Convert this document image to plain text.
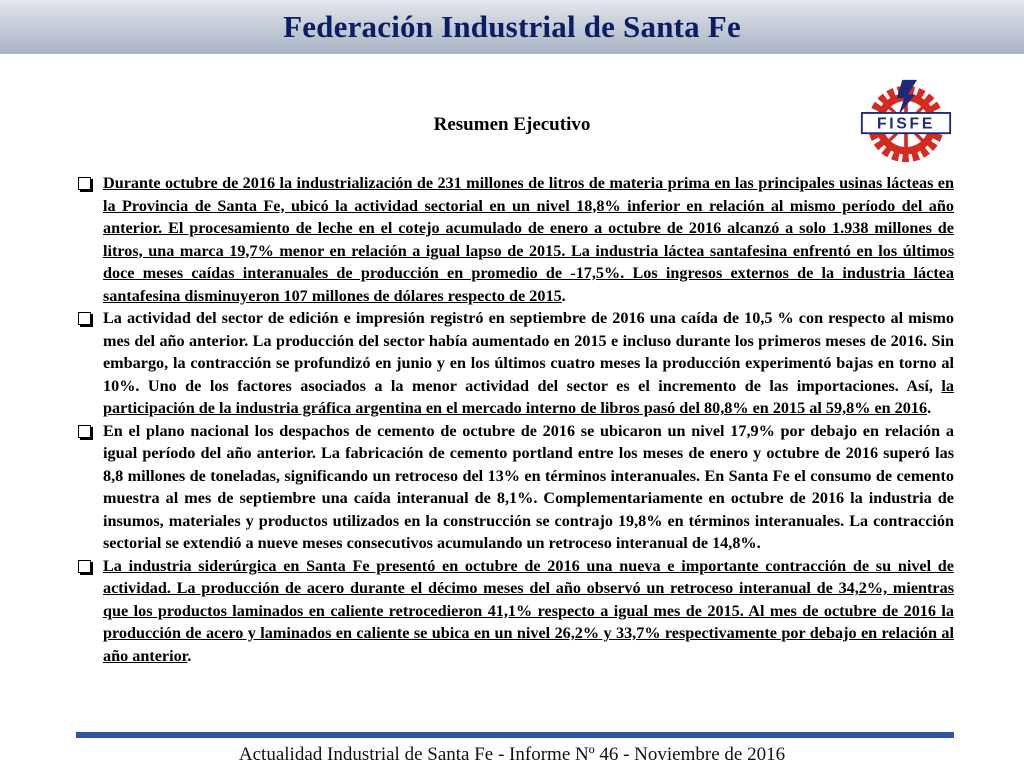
Federación Industrial de Santa Fe
FISFE
Resumen Ejecutivo
Durante octubre de 2016 la industrialización de 231 millones de litros de materia prima en las principales usinas lácteas en la Provincia de Santa Fe, ubicó la actividad sectorial en un nivel 18,8% inferior en relación al mismo período del año anterior. El procesamiento de leche en el cotejo acumulado de enero a octubre de 2016 alcanzó a solo 1.938 millones de litros, una marca 19,7% menor en relación a igual lapso de 2015. La industria láctea santafesina enfrentó en los últimos doce meses caídas interanuales de producción en promedio de -17,5%. Los ingresos externos de la industria láctea santafesina disminuyeron 107 millones de dólares respecto de 2015.
La actividad del sector de edición e impresión registró en septiembre de 2016 una caída de 10,5 % con respecto al mismo mes del año anterior. La producción del sector había aumentado en 2015 e incluso durante los primeros meses de 2016. Sin embargo, la contracción se profundizó en junio y en los últimos cuatro meses la producción experimentó bajas en torno al 10%. Uno de los factores asociados a la menor actividad del sector es el incremento de las importaciones. Así, la participación de la industria gráfica argentina en el mercado interno de libros pasó del 80,8% en 2015 al 59,8% en 2016.
En el plano nacional los despachos de cemento de octubre de 2016 se ubicaron un nivel 17,9% por debajo en relación a igual período del año anterior. La fabricación de cemento portland entre los meses de enero y octubre de 2016 superó las 8,8 millones de toneladas, significando un retroceso del 13% en términos interanuales. En Santa Fe el consumo de cemento muestra al mes de septiembre una caída interanual de 8,1%. Complementariamente en octubre de 2016 la industria de insumos, materiales y productos utilizados en la construcción se contrajo 19,8% en términos interanuales. La contracción sectorial se extendió a nueve meses consecutivos acumulando un retroceso interanual de 14,8%.
La industria siderúrgica en Santa Fe presentó en octubre de 2016 una nueva e importante contracción de su nivel de actividad. La producción de acero durante el décimo meses del año observó un retroceso interanual de 34,2%, mientras que los productos laminados en caliente retrocedieron 41,1% respecto a igual mes de 2015. Al mes de octubre de 2016 la producción de acero y laminados en caliente se ubica en un nivel 26,2% y 33,7% respectivamente por debajo en relación al año anterior.
Actualidad Industrial de Santa Fe - Informe Nº 46 - Noviembre de 2016
